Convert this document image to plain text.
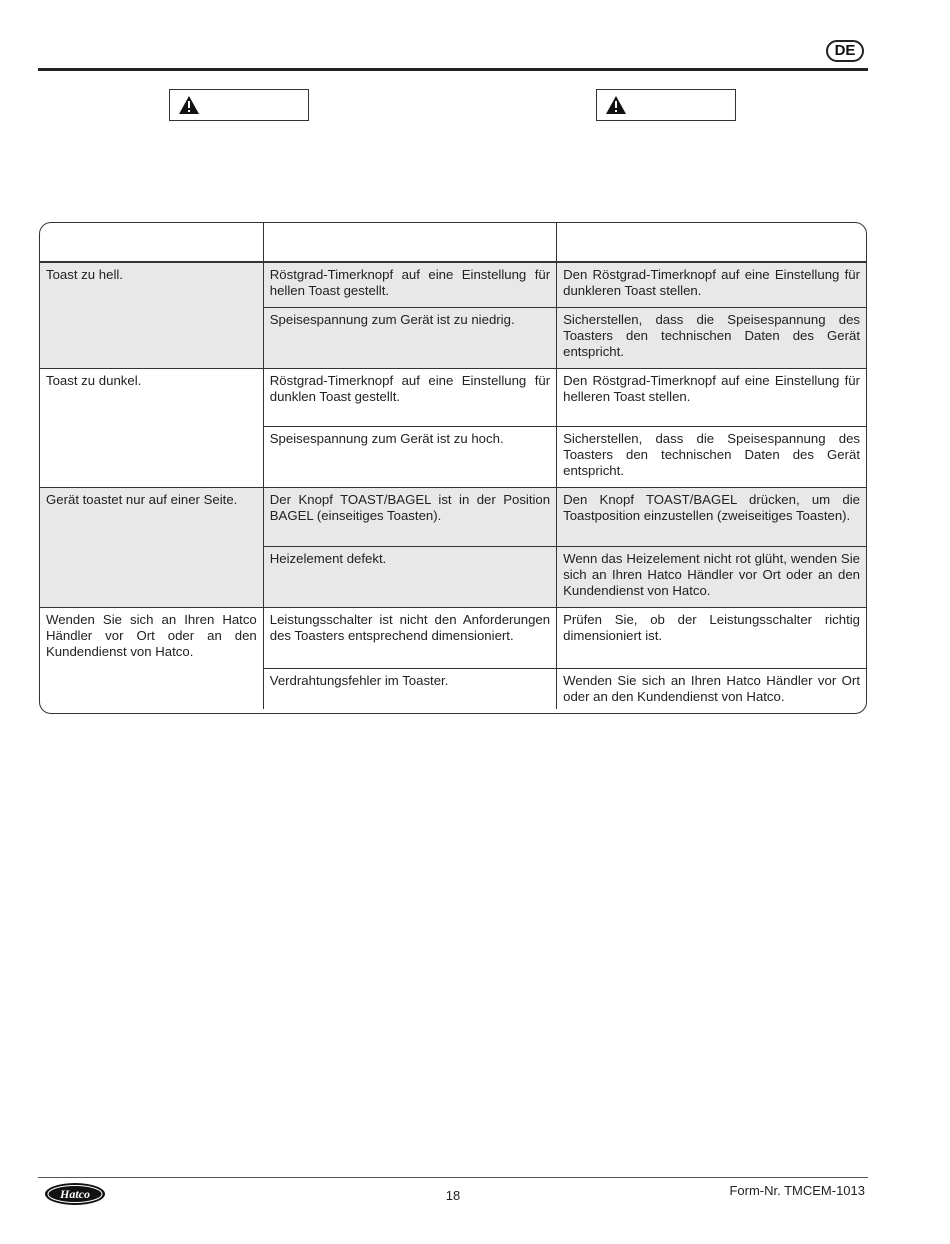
DE

Toast zu hell.	Röstgrad-Timerknopf auf eine Einstellung für hellen Toast gestellt.	Den Röstgrad-Timerknopf auf eine Einstellung für dunkleren Toast stellen.
	Speisespannung zum Gerät ist zu niedrig.	Sicherstellen, dass die Speisespannung des Toasters den technischen Daten des Gerät entspricht.
Toast zu dunkel.	Röstgrad-Timerknopf auf eine Einstellung für dunklen Toast gestellt.	Den Röstgrad-Timerknopf auf eine Einstellung für helleren Toast stellen.
	Speisespannung zum Gerät ist zu hoch.	Sicherstellen, dass die Speisespannung des Toasters den technischen Daten des Gerät entspricht.
Gerät toastet nur auf einer Seite.	Der Knopf TOAST/BAGEL ist in der Position BAGEL (einseitiges Toasten).	Den Knopf TOAST/BAGEL drücken, um die Toastposition einzustellen (zweiseitiges Toasten).
	Heizelement defekt.	Wenn das Heizelement nicht rot glüht, wenden Sie sich an Ihren Hatco Händler vor Ort oder an den Kundendienst von Hatco.
Wenden Sie sich an Ihren Hatco Händler vor Ort oder an den Kundendienst von Hatco.	Leistungsschalter ist nicht den Anforderungen des Toasters entsprechend dimensioniert.	Prüfen Sie, ob der Leistungsschalter richtig dimensioniert ist.
	Verdrahtungsfehler im Toaster.	Wenden Sie sich an Ihren Hatco Händler vor Ort oder an den Kundendienst von Hatco.
Hatco	18	Form-Nr. TMCEM-1013
